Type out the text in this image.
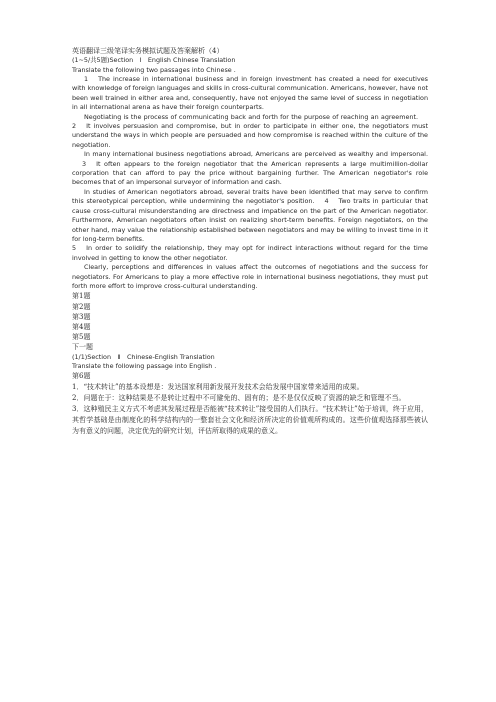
英语翻译三级笔译实务模拟试题及答案解析（4）

(1~5/共5题)Section　Ⅰ　English Chinese Translation

Translate the following two passages into Chinese .

1 The increase in international business and in foreign investment has created a need for executives with knowledge of foreign languages and skills in cross-cultural communication. Americans, however, have not been well trained in either area and, consequently, have not enjoyed the same level of success in negotiation in all international arena as have their foreign counterparts.

Negotiating is the process of communicating back and forth for the purpose of reaching an agreement.2 It involves persuasion and compromise, but in order to participate in either one, the negotiators must understand the ways in which people are persuaded and how compromise is reached within the culture of the negotiation.

In many international business negotiations abroad, Americans are perceived as wealthy and impersonal.3 It often appears to the foreign negotiator that the American represents a large multimillion-dollar corporation that can afford to pay the price without bargaining further. The American negotiator's role becomes that of an impersonal surveyor of information and cash.

In studies of American negotiators abroad, several traits have been identified that may serve to confirm this stereotypical perception, while undermining the negotiator's position. 4 Two traits in particular that cause cross-cultural misunderstanding are directness and impatience on the part of the American negotiator. Furthermore, American negotiators often insist on realizing short-term benefits. Foreign negotiators, on the other hand, may value the relationship established between negotiators and may be willing to invest time in it for long-term benefits.

5 In order to solidify the relationship, they may opt for indirect interactions without regard for the time involved in getting to know the other negotiator.

Clearly, perceptions and differences in values affect the outcomes of negotiations and the success for negotiators. For Americans to play a more effective role in international business negotiations, they must put forth more effort to improve cross-cultural understanding.

第1题

第2题

第3题

第4题

第5题

下一题

(1/1)Section　Ⅱ　Chinese-English Translation

Translate the following passage into English .

第6题

1．“技术转让”的基本设想是：发达国家利用新发展开发技术会给发展中国家带来适用的成果。

2．问题在于：这种结果是不是转让过程中不可避免的、固有的；是不是仅仅反映了资源的缺乏和管理不当。

3．这种殖民主义方式不考虑其发展过程是否能被“技术转让”接受国的人们执行。“技术转让”始于培训，终于应用，其哲学基础是由制度化的科学结构内的一整套社会文化和经济所决定的价值观所构成的。这些价值观选择那些被认为有意义的问题，决定优先的研究计划，评估所取得的成果的意义。
